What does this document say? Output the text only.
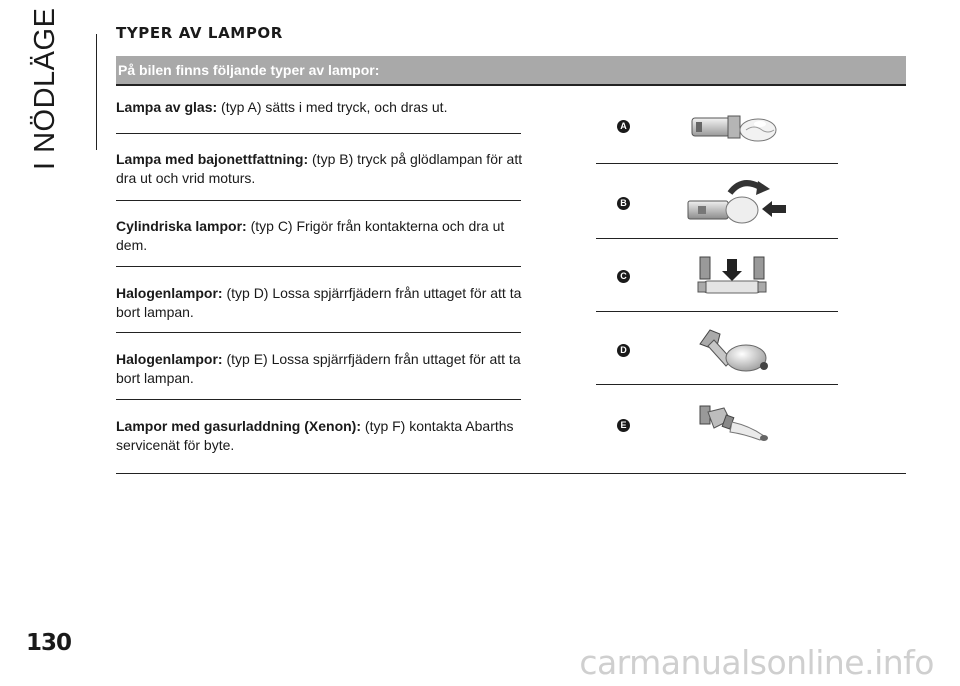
I NÖDLÄGE	TYPER AV LAMPOR
På bilen finns följande typer av lampor:
Lampa av glas: (typ A) sätts i med tryck, och dras ut.
Lampa med bajonettfattning: (typ B) tryck på glödlampan för att dra ut och vrid moturs.
Cylindriska lampor: (typ C) Frigör från kontakterna och dra ut dem.
Halogenlampor: (typ D) Lossa spjärrfjädern från uttaget för att ta bort lampan.
Halogenlampor: (typ E) Lossa spjärrfjädern från uttaget för att ta bort lampan.
Lampor med gasurladdning (Xenon): (typ F) kontakta Abarths servicenät för byte.
A
B
C
D
E
130	carmanualsonline.info
